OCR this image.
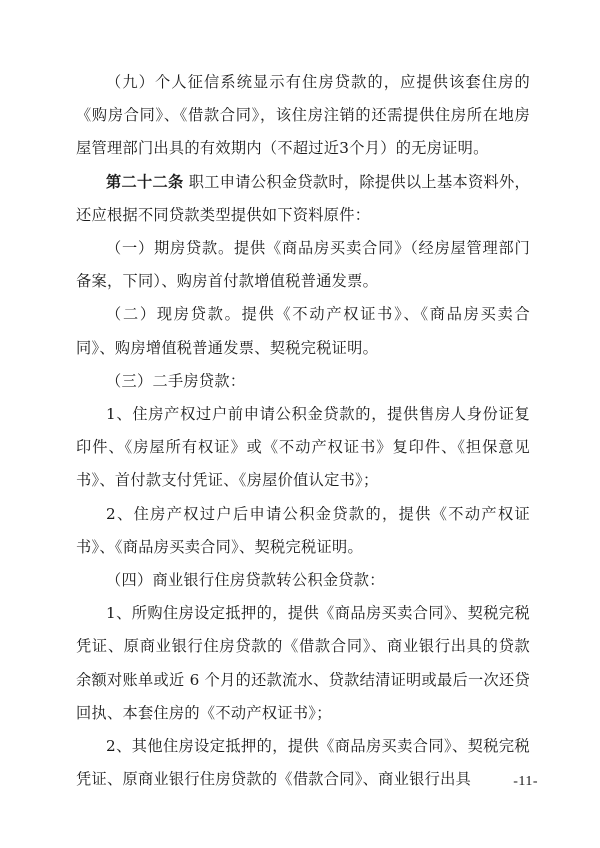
（九）个人征信系统显示有住房贷款的，应提供该套住房的《购房合同》、《借款合同》，该住房注销的还需提供住房所在地房屋管理部门出具的有效期内（不超过近3个月）的无房证明。

第二十二条 职工申请公积金贷款时，除提供以上基本资料外，还应根据不同贷款类型提供如下资料原件：

（一）期房贷款。提供《商品房买卖合同》（经房屋管理部门备案，下同）、购房首付款增值税普通发票。

（二）现房贷款。提供《不动产权证书》、《商品房买卖合同》、购房增值税普通发票、契税完税证明。

（三）二手房贷款：

1、住房产权过户前申请公积金贷款的，提供售房人身份证复印件、《房屋所有权证》或《不动产权证书》复印件、《担保意见书》、首付款支付凭证、《房屋价值认定书》；

2、住房产权过户后申请公积金贷款的，提供《不动产权证书》、《商品房买卖合同》、契税完税证明。

（四）商业银行住房贷款转公积金贷款：

1、所购住房设定抵押的，提供《商品房买卖合同》、契税完税凭证、原商业银行住房贷款的《借款合同》、商业银行出具的贷款余额对账单或近 6 个月的还款流水、贷款结清证明或最后一次还贷回执、本套住房的《不动产权证书》；

2、其他住房设定抵押的，提供《商品房买卖合同》、契税完税凭证、原商业银行住房贷款的《借款合同》、商业银行出具	-11-
